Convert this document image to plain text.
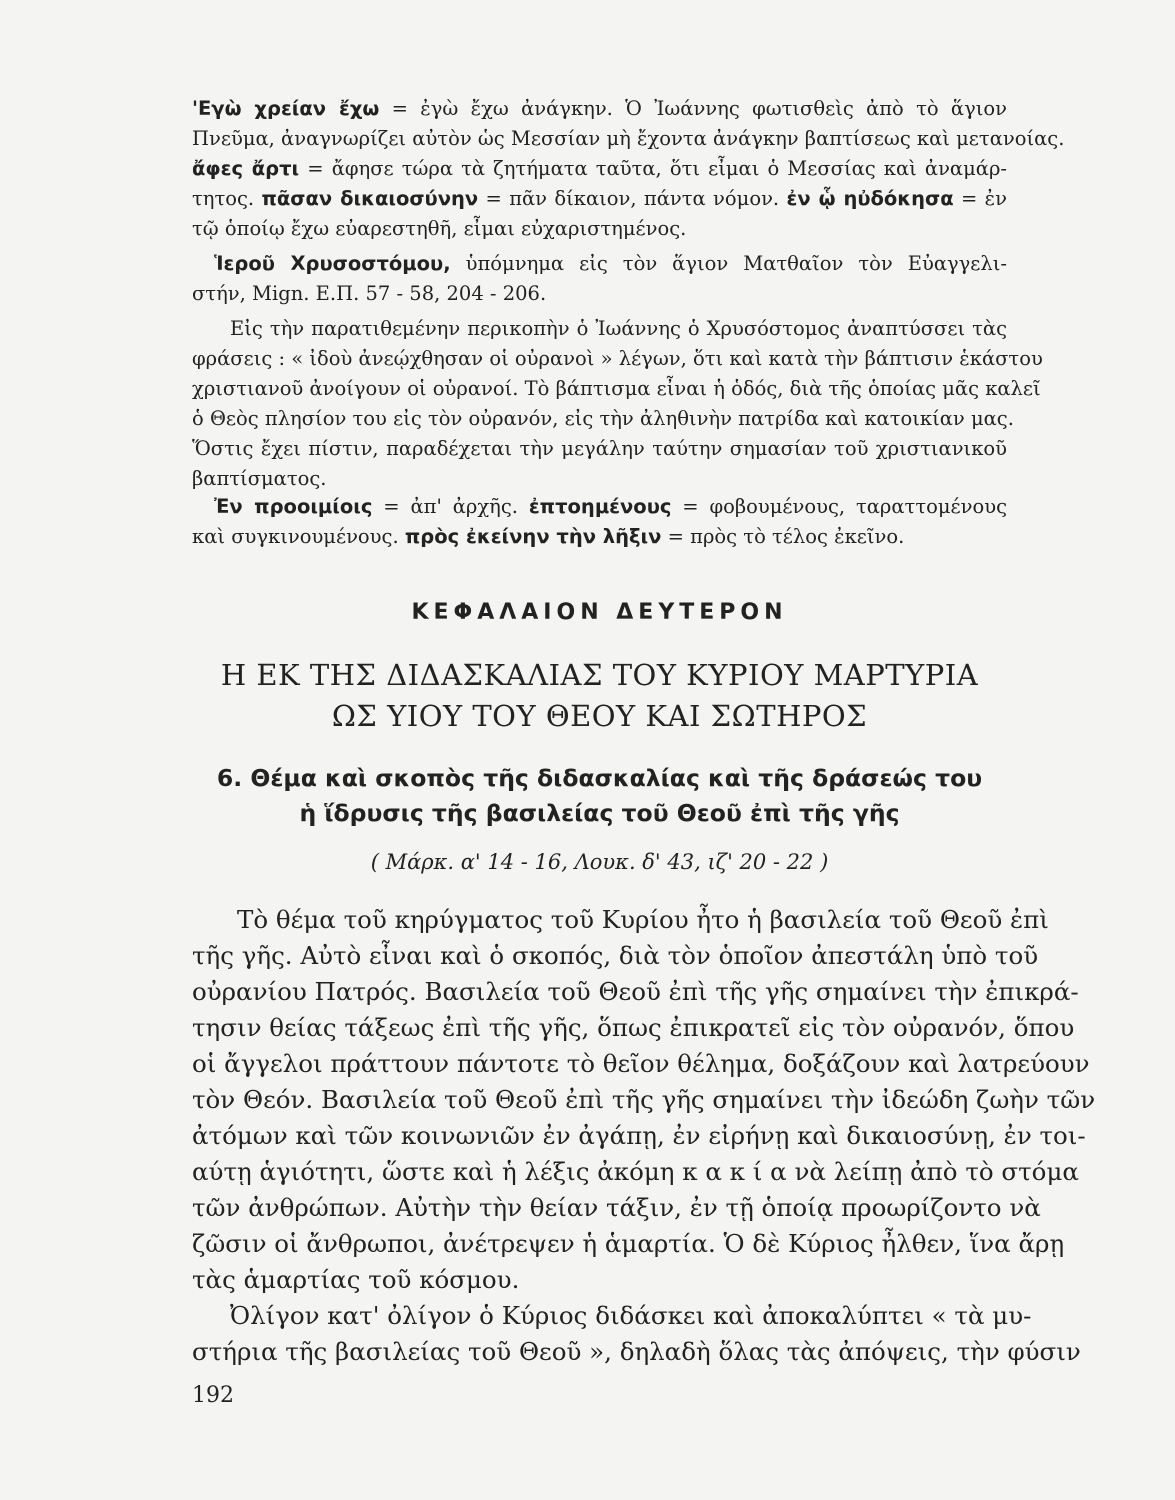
'Εγὼ χρείαν ἔχω = ἐγὼ ἔχω ἀνάγκην. Ὁ Ἰωάννης φωτισθεὶς ἀπὸ τὸ ἅγιον
Πνεῦμα, ἀναγνωρίζει αὐτὸν ὡς Μεσσίαν μὴ ἔχοντα ἀνάγκην βαπτίσεως καὶ μετανοίας.
ἄφες ἄρτι = ἄφησε τώρα τὰ ζητήματα ταῦτα, ὅτι εἶμαι ὁ Μεσσίας καὶ ἀναμάρ-
τητος. πᾶσαν δικαιοσύνην = πᾶν δίκαιον, πάντα νόμον. ἐν ᾧ ηὐδόκησα = ἐν
τῷ ὁποίῳ ἔχω εὐαρεστηθῆ, εἶμαι εὐχαριστημένος.
Ἱεροῦ Χρυσοστόμου, ὑπόμνημα εἰς τὸν ἅγιον Ματθαῖον τὸν Εὐαγγελι-
στήν, Mign. E.Π. 57 - 58, 204 - 206.
Εἰς τὴν παρατιθεμένην περικοπὴν ὁ Ἰωάννης ὁ Χρυσόστομος ἀναπτύσσει τὰς
φράσεις : « ἰδοὺ ἀνεῴχθησαν οἱ οὐρανοὶ » λέγων, ὅτι καὶ κατὰ τὴν βάπτισιν ἑκάστου
χριστιανοῦ ἀνοίγουν οἱ οὐρανοί. Τὸ βάπτισμα εἶναι ἡ ὁδός, διὰ τῆς ὁποίας μᾶς καλεῖ
ὁ Θεὸς πλησίον του εἰς τὸν οὐρανόν, εἰς τὴν ἀληθινὴν πατρίδα καὶ κατοικίαν μας.
Ὅστις ἔχει πίστιν, παραδέχεται τὴν μεγάλην ταύτην σημασίαν τοῦ χριστιανικοῦ
βαπτίσματος.
Ἐν προοιμίοις = ἀπ' ἀρχῆς. ἐπτοημένους = φοβουμένους, ταραττομένους
καὶ συγκινουμένους. πρὸς ἐκείνην τὴν λῆξιν = πρὸς τὸ τέλος ἐκεῖνο.
ΚΕΦΑΛΑΙΟΝ ΔΕΥΤΕΡΟΝ
Η ΕΚ ΤΗΣ ΔΙΔΑΣΚΑΛΙΑΣ ΤΟΥ ΚΥΡΙΟΥ ΜΑΡΤΥΡΙΑ
ΩΣ ΥΙΟΥ ΤΟΥ ΘΕΟΥ ΚΑΙ ΣΩΤΗΡΟΣ
6. Θέμα καὶ σκοπὸς τῆς διδασκαλίας καὶ τῆς δράσεώς του
ἡ ἵδρυσις τῆς βασιλείας τοῦ Θεοῦ ἐπὶ τῆς γῆς
( Μάρκ. α' 14 - 16, Λουκ. δ' 43, ιζ' 20 - 22 )
Τὸ θέμα τοῦ κηρύγματος τοῦ Κυρίου ἦτο ἡ βασιλεία τοῦ Θεοῦ ἐπὶ
τῆς γῆς. Αὐτὸ εἶναι καὶ ὁ σκοπός, διὰ τὸν ὁποῖον ἀπεστάλη ὑπὸ τοῦ
οὐρανίου Πατρός. Βασιλεία τοῦ Θεοῦ ἐπὶ τῆς γῆς σημαίνει τὴν ἐπικρά-
τησιν θείας τάξεως ἐπὶ τῆς γῆς, ὅπως ἐπικρατεῖ εἰς τὸν οὐρανόν, ὅπου
οἱ ἄγγελοι πράττουν πάντοτε τὸ θεῖον θέλημα, δοξάζουν καὶ λατρεύουν
τὸν Θεόν. Βασιλεία τοῦ Θεοῦ ἐπὶ τῆς γῆς σημαίνει τὴν ἰδεώδη ζωὴν τῶν
ἀτόμων καὶ τῶν κοινωνιῶν ἐν ἀγάπῃ, ἐν εἰρήνῃ καὶ δικαιοσύνῃ, ἐν τοι-
αύτῃ ἁγιότητι, ὥστε καὶ ἡ λέξις ἀκόμη κ α κ ί α νὰ λείπῃ ἀπὸ τὸ στόμα
τῶν ἀνθρώπων. Αὐτὴν τὴν θείαν τάξιν, ἐν τῇ ὁποίᾳ προωρίζοντο νὰ
ζῶσιν οἱ ἄνθρωποι, ἀνέτρεψεν ἡ ἁμαρτία. Ὁ δὲ Κύριος ἦλθεν, ἵνα ἄρῃ
τὰς ἁμαρτίας τοῦ κόσμου.
Ὀλίγον κατ' ὀλίγον ὁ Κύριος διδάσκει καὶ ἀποκαλύπτει « τὰ μυ-
στήρια τῆς βασιλείας τοῦ Θεοῦ », δηλαδὴ ὅλας τὰς ἀπόψεις, τὴν φύσιν
192
